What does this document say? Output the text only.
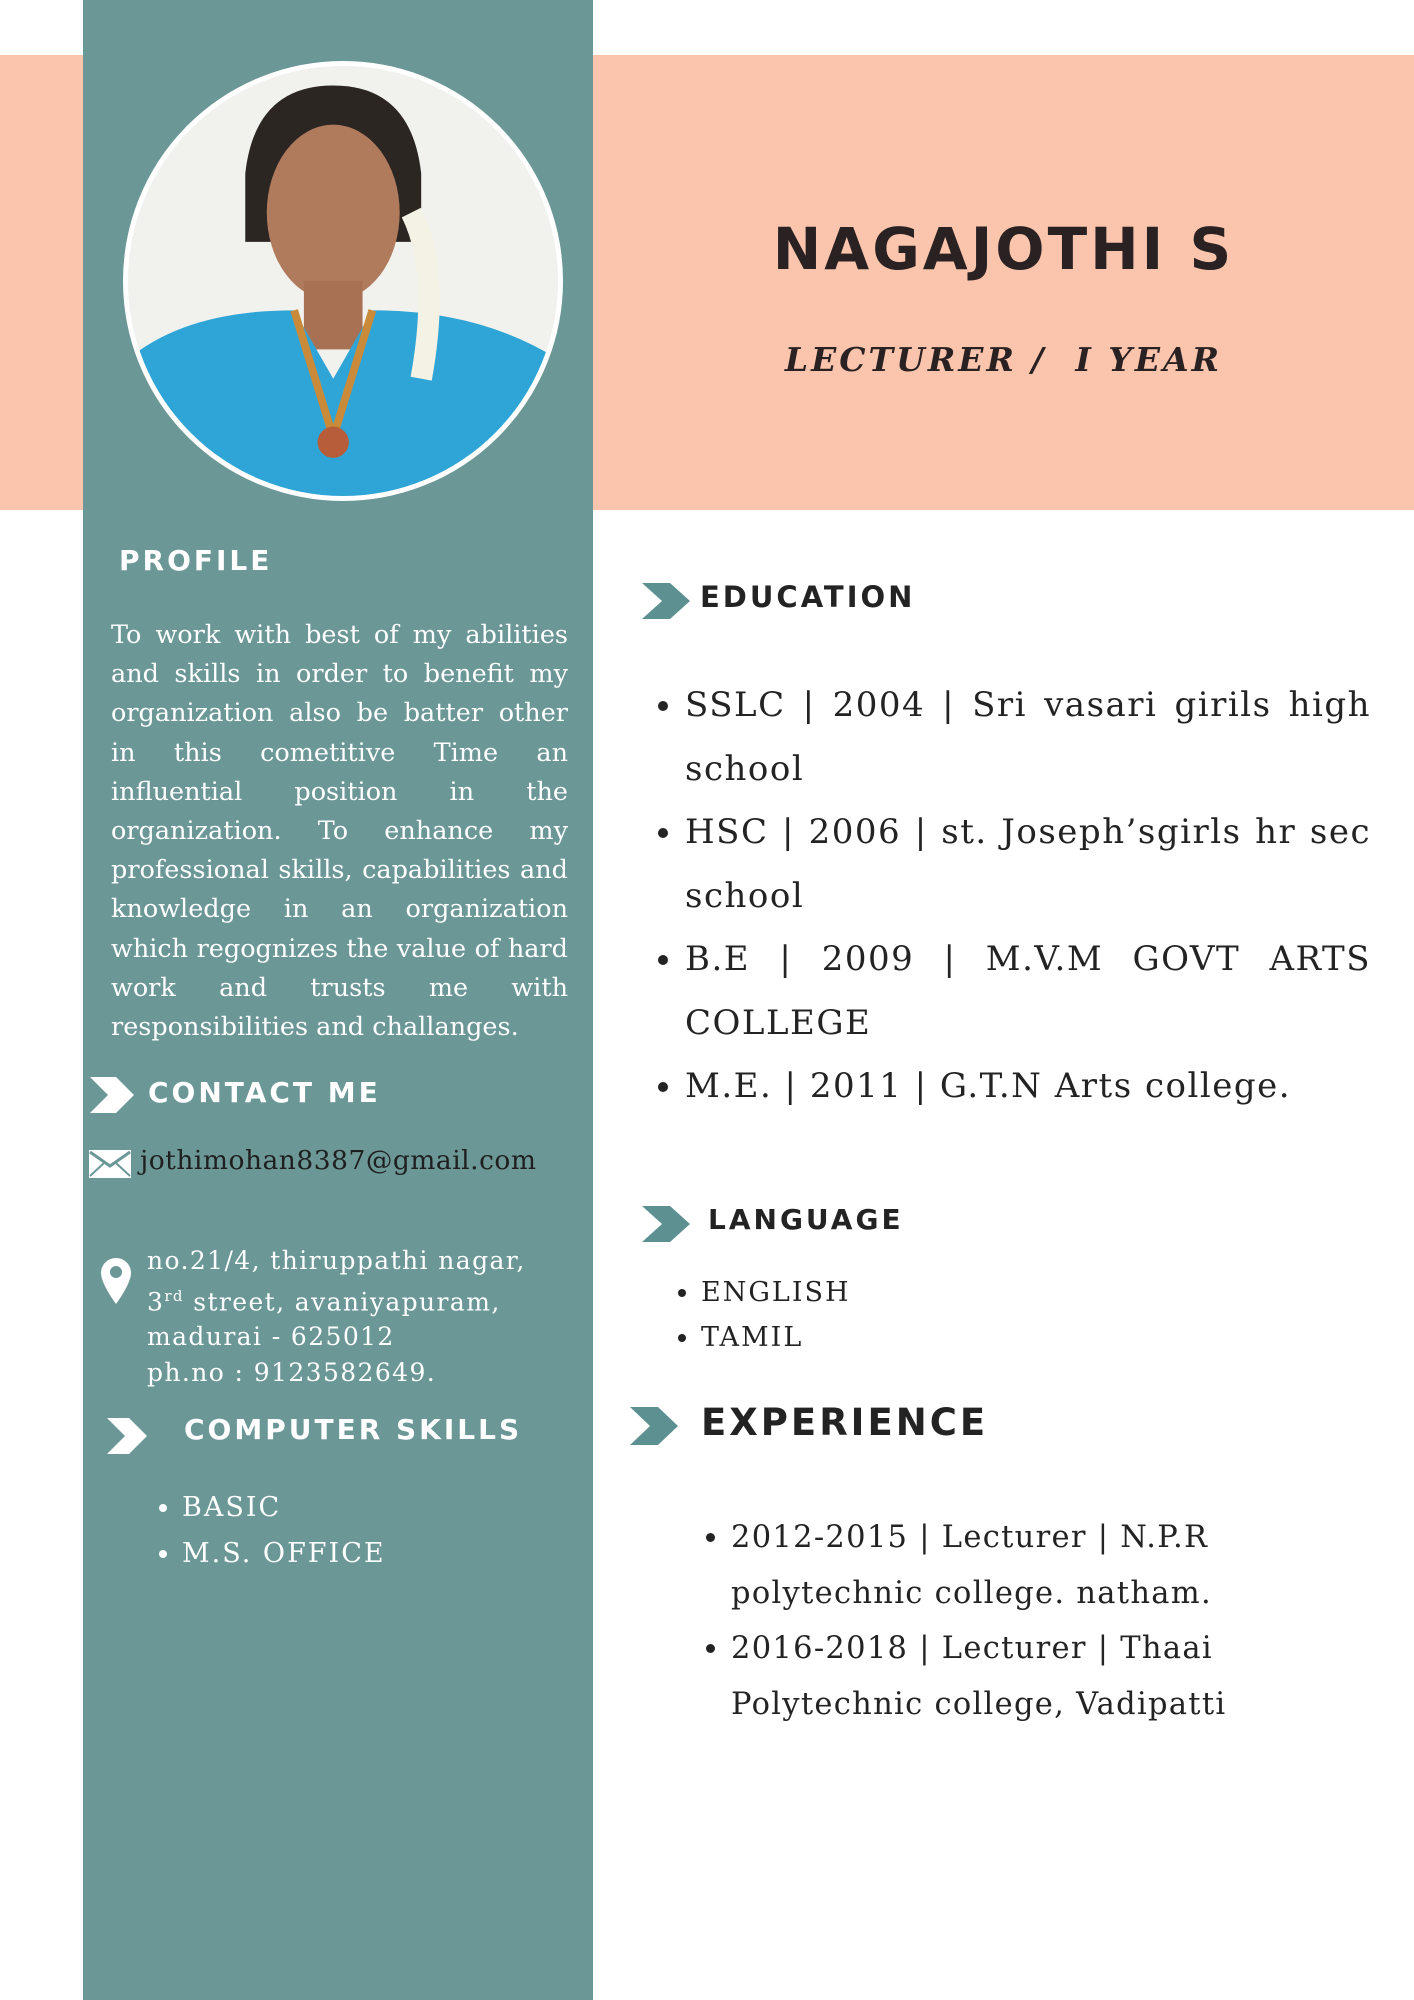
NAGAJOTHI S
LECTURER /  I YEAR
PROFILE
To work with best of my abilities and skills in order to benefit my organization also be batter other in this cometitive Time an influential position in the organization. To enhance my professional skills, capabilities and knowledge in an organization which regognizes the value of hard work and trusts me with responsibilities and challanges.
CONTACT ME
jothimohan8387@gmail.com
no.21/4, thiruppathi nagar,
3rd street, avaniyapuram,
madurai - 625012
ph.no : 9123582649.
COMPUTER SKILLS
• BASIC
• M.S. OFFICE
EDUCATION
• SSLC | 2004 | Sri vasari girils high school
• HSC | 2006 | st. Joseph’sgirls hr sec school
• B.E | 2009 | M.V.M GOVT ARTS COLLEGE
• M.E. | 2011 | G.T.N Arts college.
LANGUAGE
• ENGLISH
• TAMIL
EXPERIENCE
• 2012-2015 | Lecturer | N.P.R polytechnic college. natham.
• 2016-2018 | Lecturer | Thaai Polytechnic college, Vadipatti
